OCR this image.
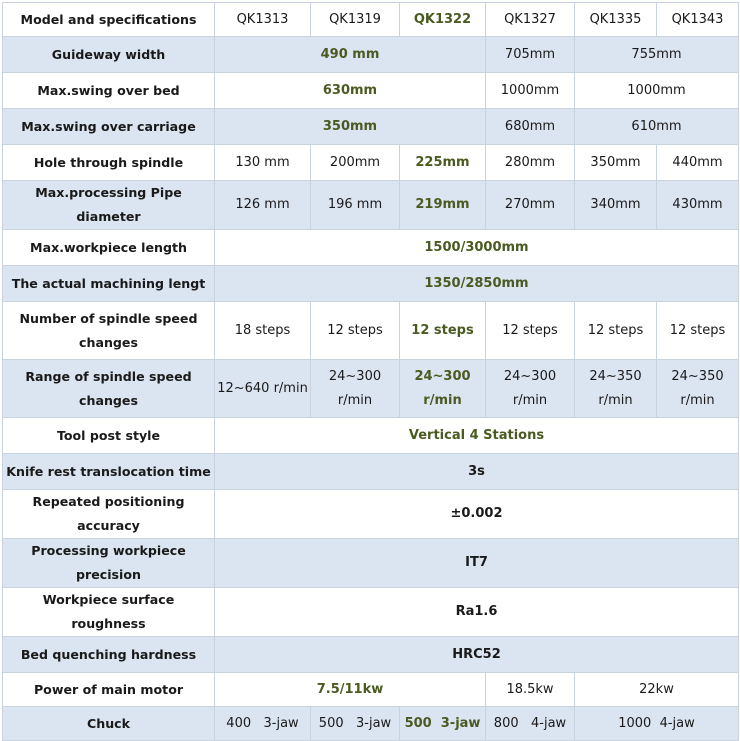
Model and specifications	QK1313	QK1319	QK1322	QK1327	QK1335	QK1343
Guideway width	490 mm			705mm	755mm	
Max.swing over bed	630mm			1000mm	1000mm	
Max.swing over carriage	350mm			680mm	610mm	
Hole through spindle	130 mm	200mm	225mm	280mm	350mm	440mm
Max.processing Pipe diameter	126 mm	196 mm	219mm	270mm	340mm	430mm
Max.workpiece length	1500/3000mm					
The actual machining lengt	1350/2850mm					
Number of spindle speed changes	18 steps	12 steps	12 steps	12 steps	12 steps	12 steps
Range of spindle speed changes	12~640 r/min	24~300 r/min	24~300 r/min	24~300 r/min	24~350 r/min	24~350 r/min
Tool post style	Vertical 4 Stations					
Knife rest translocation time	3s					
Repeated positioning accuracy	±0.002					
Processing workpiece precision	IT7					
Workpiece surface roughness	Ra1.6					
Bed quenching hardness	HRC52					
Power of main motor	7.5/11kw			18.5kw	22kw	
Chuck	400   3-jaw	500   3-jaw	500  3-jaw	800   4-jaw	1000  4-jaw	
